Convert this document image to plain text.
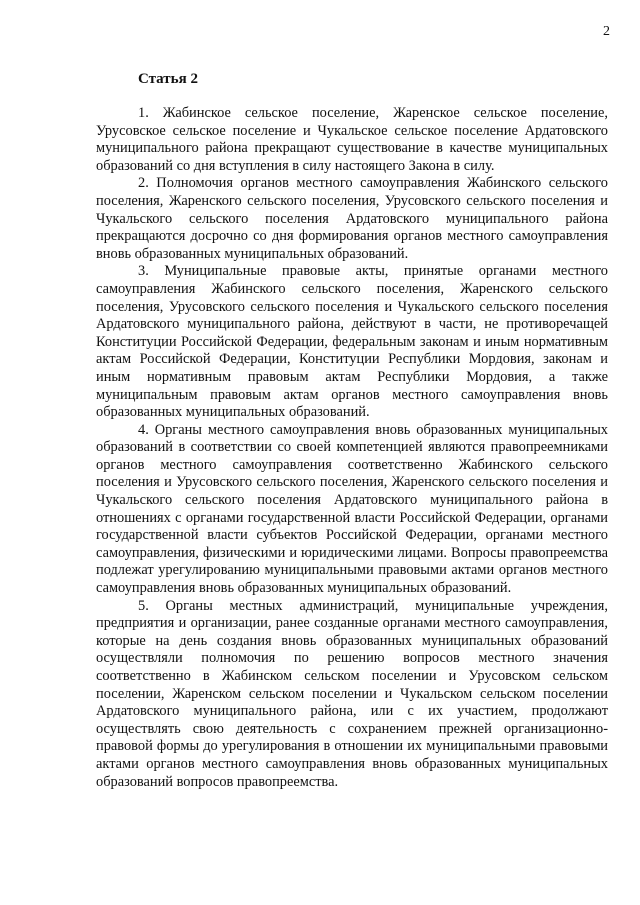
2
Статья 2

1. Жабинское сельское поселение, Жаренское сельское поселение, Урусовское сельское поселение и Чукальское сельское поселение Ардатовского муниципального района прекращают существование в качестве муниципальных образований со дня вступления в силу настоящего Закона в силу.

2. Полномочия органов местного самоуправления Жабинского сельского поселения, Жаренского сельского поселения, Урусовского сельского поселения и Чукальского сельского поселения Ардатовского муниципального района прекращаются досрочно со дня формирования органов местного самоуправления вновь образованных муниципальных образований.

3. Муниципальные правовые акты, принятые органами местного самоуправления Жабинского сельского поселения, Жаренского сельского поселения, Урусовского сельского поселения и Чукальского сельского поселения Ардатовского муниципального района, действуют в части, не противоречащей Конституции Российской Федерации, федеральным законам и иным нормативным актам Российской Федерации, Конституции Республики Мордовия, законам и иным нормативным правовым актам Республики Мордовия, а также муниципальным правовым актам органов местного самоуправления вновь образованных муниципальных образований.

4. Органы местного самоуправления вновь образованных муниципальных образований в соответствии со своей компетенцией являются правопреемниками органов местного самоуправления соответственно Жабинского сельского поселения и Урусовского сельского поселения, Жаренского сельского поселения и Чукальского сельского поселения Ардатовского муниципального района в отношениях с органами государственной власти Российской Федерации, органами государственной власти субъектов Российской Федерации, органами местного самоуправления, физическими и юридическими лицами. Вопросы правопреемства подлежат урегулированию муниципальными правовыми актами органов местного самоуправления вновь образованных муниципальных образований.

5. Органы местных администраций, муниципальные учреждения, предприятия и организации, ранее созданные органами местного самоуправления, которые на день создания вновь образованных муниципальных образований осуществляли полномочия по решению вопросов местного значения соответственно в Жабинском сельском поселении и Урусовском сельском поселении, Жаренском сельском поселении и Чукальском сельском поселении Ардатовского муниципального района, или с их участием, продолжают осуществлять свою деятельность с сохранением прежней организационно-правовой формы до урегулирования в отношении их муниципальными правовыми актами органов местного самоуправления вновь образованных муниципальных образований вопросов правопреемства.
